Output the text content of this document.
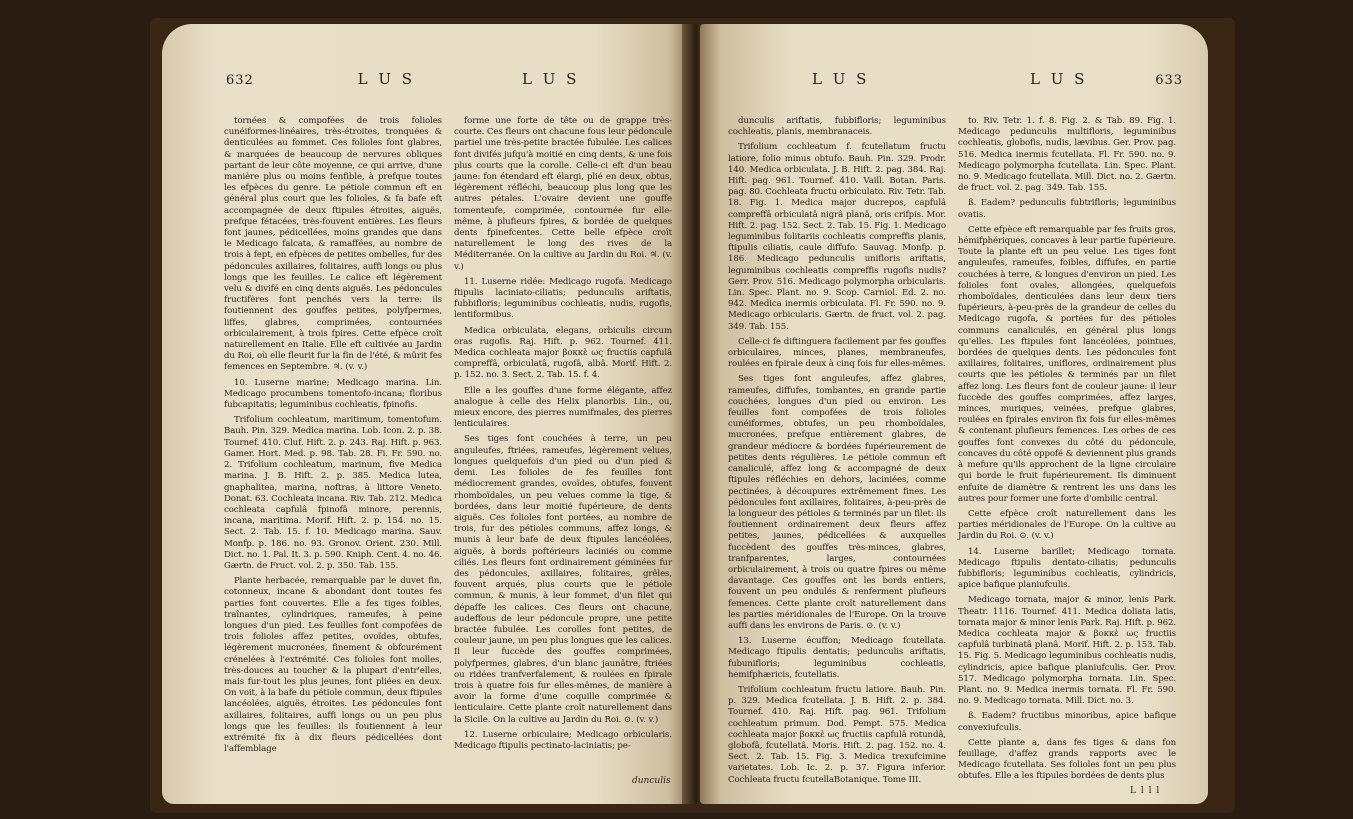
632	L U S	L U S

tornées & compofées de trois folioles cunéiformes-linéaires, très-étroites, tronquées & denticulées au fommet. Ces folioles font glabres, & marquées de beaucoup de nervures obliques partant de leur côte moyenne, ce qui arrive, d'une manière plus ou moins fenfible, à prefque toutes les efpèces du genre. Le pétiole commun eft en général plus court que les folioles, & fa bafe eft accompagnée de deux ftipules étroites, aiguës, prefque fétacées, très-fouvent entières. Les fleurs font jaunes, pédicellées, moins grandes que dans le Medicago falcata, & ramaffées, au nombre de trois à fept, en efpèces de petites ombelles, fur des pédoncules axillaires, folitaires, auffi longs ou plus longs que les feuilles. Le calice eft légèrement velu & divifé en cinq dents aiguës. Les pédoncules fructifères font penchés vers la terre: ils foutiennent des gouffes petites, polyfpermes, liffes, glabres, comprimées, contournées orbiculairement, à trois fpires. Cette efpèce croît naturellement en Italie. Elle eft cultivée au Jardin du Roi, où elle fleurit fur la fin de l'été, & mûrit fes femences en Septembre. ♃. (v. v.)

10. Luserne marine; Medicago marina. Lin. Medicago procumbens tomentofo-incana; floribus fubcapitatis; leguminibus cochleatis, fpinofis.

Trifolium cochleatum, maritimum, tomentofum. Bauh. Pin. 329. Medica marina. Lob. Icon. 2. p. 38. Tournef. 410. Cluf. Hift. 2. p. 243. Raj. Hift. p. 963. Gamer. Hort. Med. p. 98. Tab. 28. Fi. Fr. 590. no. 2. Trifolium cochleatum, marinum, five Medica marina. J. B. Hift. 2. p. 385. Medica lutea, gnaphalitea, marina, noftras, à littore Veneto. Donat. 63. Cochleata incana. Riv. Tab. 212. Medica cochleata capfulâ fpinofâ minore, perennis, incana, maritima. Morif. Hift. 2. p. 154. no. 15. Sect. 2. Tab. 15. f. 10. Medicago marina. Sauv. Monfp. p. 186. no. 93. Gronov. Orient. 230. Mill. Dict. no. 1. Pal. It. 3. p. 590. Kniph. Cent. 4. no. 46. Gærtn. de Fruct. vol. 2. p. 350. Tab. 155.

Plante herbacée, remarquable par le duvet fin, cotonneux, incane & abondant dont toutes fes parties font couvertes. Elle a fes tiges foibles, traînantes, cylindriques, rameufes, à peine longues d'un pied. Les feuilles font compofées de trois folioles affez petites, ovoïdes, obtufes, légèrement mucronées, finement & obfcurément crénelées à l'extrémité. Ces folioles font molles, très-douces au toucher & la plupart d'entr'elles, mais fur-tout les plus jeunes, font pliées en deux. On voit, à la bafe du pétiole commun, deux ftipules lancéolées, aiguës, étroites. Les pédoncules font axillaires, folitaires, auffi longs ou un peu plus longs que les feuilles: ils foutiennent à leur extrémité fix à dix fleurs pédicellées dont l'affemblage

forme une forte de tête ou de grappe très-courte. Ces fleurs ont chacune fous leur pédoncule partiel une très-petite bractée fubulée. Les calices font divifés jufqu'à moitié en cinq dents, & une fois plus courts que la corolle. Celle-ci eft d'un beau jaune: fon étendard eft élargi, plié en deux, obtus, légèrement réfléchi, beaucoup plus long que les autres pétales. L'ovaire devient une gouffe tomenteufe, comprimée, contournée fur elle-même, à plufieurs fpires, & bordée de quelques dents fpinefcentes. Cette belle efpèce croît naturellement le long des rives de la Méditerranée. On la cultive au Jardin du Roi. ♃. (v. v.)

11. Luserne ridée: Medicago rugofa. Medicago ftipulis laciniato-ciliatis; pedunculis ariftatis, fubbifloris; leguminibus cochleatis, nudis, rugofis, lentiformibus.

Medica orbiculata, elegans, orbiculis circum oras rugofis. Raj. Hift. p. 962. Tournef. 411. Medica cochleata major βοκκὲ ως fructiis capfulâ compreffâ, orbiculatâ, rugofâ, albâ. Morif. Hift. 2. p. 152. no. 3. Sect. 2. Tab. 15. f. 4.

Elle a les gouffes d'une forme élégante, affez analogue à celle des Helix planorbis. Lin., ou, mieux encore, des pierres numifmales, des pierres lenticulaires.

Ses tiges font couchées à terre, un peu anguleufes, ftriées, rameufes, légèrement velues, longues quelquefois d'un pied ou d'un pied & demi. Les folioles de fes feuilles font médiocrement grandes, ovoïdes, obtufes, fouvent rhomboïdales, un peu velues comme la tige, & bordées, dans leur moitié fupérieure, de dents aiguës. Ces folioles font portées, au nombre de trois, fur des pétioles communs, affez longs, & munis à leur bafe de deux ftipules lancéolées, aiguës, à bords poftérieurs laciniés ou comme ciliés. Les fleurs font ordinairement géminées fur des pédoncules, axillaires, folitaires, grêles, fouvent arqués, plus courts que le pétiole commun, & munis, à leur fommet, d'un filet qui dépaffe les calices. Ces fleurs ont chacune, audeffous de leur pédoncule propre, une petite bractée fubulée. Les corolles font petites, de couleur jaune, un peu plus longues que les calices. Il leur fuccède des gouffes comprimées, polyfpermes, glabres, d'un blanc jaunâtre, ftriées ou ridées tranfverfalement, & roulées en fpirale trois à quatre fois fur elles-mêmes, de manière à avoir la forme d'une coquille comprimée & lenticulaire. Cette plante croît naturellement dans la Sicile. On la cultive au Jardin du Roi. ⊙. (v. v.)

12. Luserne orbiculaire; Medicago orbicularis. Medicago ftipulis pectinato-laciniatis; pe-

dunculis
L U S	L U S	633

dunculis ariftatis, fubbifloris; leguminibus cochleatis, planis, membranaceis.

Trifolium cochleatum f. fcutellatum fructu latiore, folio minus obtufo. Bauh. Pin. 329. Prodr. 140. Medica orbiculata. J. B. Hift. 2. pag. 384. Raj. Hift. pag. 961. Tournef. 410. Vaill. Botan. Paris. pag. 80. Cochleata fructu orbiculato. Riv. Tetr. Tab. 18. Fig. 1. Medica major ducrepos, capfulâ compreffâ orbiculatâ nigrâ planâ, oris crifpis. Mor. Hift. 2. pag. 152. Sect. 2. Tab. 15. Fig. 1. Medicago leguminibus folitariis cochleatis compreffis planis, ftipulis ciliatis, caule diffufo. Sauvag. Monfp. p. 186. Medicago pedunculis unifloris ariftatis, leguminibus cochleatis compreffis rugofis nudis? Gerr. Prov. 516. Medicago polymorpha orbicularis. Lin. Spec. Plant. no. 9. Scop. Carniol. Ed. 2. no. 942. Medica inermis orbiculata. Fl. Fr. 590. no. 9. Medicago orbicularis. Gærtn. de fruct. vol. 2. pag. 349. Tab. 155.

Celle-ci fe diftinguera facilement par fes gouffes orbiculaires, minces, planes, membraneufes, roulées en fpirale deux à cinq fois fur elles-mêmes.

Ses tiges font anguleufes, affez glabres, rameufes, diffufes, tombantes, en grande partie couchées, longues d'un pied ou environ. Les feuilles font compofées de trois folioles cunéiformes, obtufes, un peu rhomboïdales, mucronées, prefque entièrement glabres, de grandeur médiocre & bordées fupérieurement de petites dents régulières. Le pétiole commun eft canaliculé, affez long & accompagné de deux ftipules réfléchies en dehors, laciniées, comme pectinées, à découpures extrêmement fines. Les pédoncules font axillaires, folitaires, à-peu-près de la longueur des pétioles & terminés par un filet: ils foutiennent ordinairement deux fleurs affez petites, jaunes, pédicellées & auxquelles fuccèdent des gouffes très-minces, glabres, tranfparentes, larges, contournées orbiculairement, à trois ou quatre fpires ou même davantage. Ces gouffes ont les bords entiers, fouvent un peu ondulés & renferment plufieurs femences. Cette plante croît naturellement dans les parties méridionales de l'Europe. On la trouve auffi dans les environs de Paris. ⊙. (v. v.)

13. Luserne écuffon; Medicago fcutellata. Medicago ftipulis dentatis; pedunculis ariftatis, fubunifloris; leguminibus cochleatis, hemifphæricis, fcutellatis.

Trifolium cochleatum fructu latiore. Bauh. Pin. p. 329. Medica fcutellata. J. B. Hift. 2. p. 384. Tournef. 410. Raj. Hift. pag. 961. Trifolium cochleatum primum. Dod. Pempt. 575. Medica cochleata major βοκκὲ ως fructiis capfulâ rotundâ, globofâ, fcutellatâ. Moris. Hift. 2. pag. 152. no. 4. Sect. 2. Tab. 15. Fig. 3. Medica trexufcimine varietates. Lob. Ic. 2. p. 37. Figura inferior. Cochleata fructu fcutellaBotanique. Tome III.

to. Riv. Tetr. 1. f. 8. Fig. 2. & Tab. 89. Fig. 1. Medicago pedunculis multifloris, leguminibus cochleatis, globofis, nudis, lævibus. Ger. Prov. pag. 516. Medica inermis fcutellata. Fl. Fr. 590. no. 9. Medicago polymorpha fcutellata. Lin. Spec. Plant. no. 9. Medicago fcutellata. Mill. Dict. no. 2. Gærtn. de fruct. vol. 2. pag. 349. Tab. 155.

ß. Eadem? pedunculis fubtrifloris; leguminibus ovatis.

Cette efpèce eft remarquable par fes fruits gros, hémifphériques, concaves à leur partie fupérieure. Toute la plante eft un peu velue. Les tiges font anguleufes, rameufes, foibles, diffufes, en partie couchées à terre, & longues d'environ un pied. Les folioles font ovales, allongées, quelquefois rhomboïdales, denticulées dans leur deux tiers fupérieurs, à-peu-près de la grandeur de celles du Medicago rugofa, & portées fur des pétioles communs canaliculés, en général plus longs qu'elles. Les ftipules font lancéolées, pointues, bordées de quelques dents. Les pédoncules font axillaires, folitaires, uniflores, ordinairement plus courts que les pétioles & terminés par un filet affez long. Les fleurs font de couleur jaune: il leur fuccède des gouffes comprimées, affez larges, minces, muriques, veinées, prefque glabres, roulées en fpirales environ fix fois fur elles-mêmes & contenant plufieurs femences. Les orbes de ces gouffes font convexes du côté du pédoncule, concaves du côté oppofé & deviennent plus grands à mefure qu'ils approchent de la ligne circulaire qui borde le fruit fupérieurement. Ils diminuent enfuite de diamètre & rentrent les uns dans les autres pour former une forte d'ombilic central.

Cette efpèce croît naturellement dans les parties méridionales de l'Europe. On la cultive au Jardin du Roi. ⊙. (v. v.)

14. Luserne barillet; Medicago tornata. Medicago ftipulis dentato-ciliatis; pedunculis fubbifloris; leguminibus cochleatis, cylindricis, apice bafique planiufculis.

Medicago tornata, major & minor, lenis Park. Theatr. 1116. Tournef. 411. Medica doliata latis, tornata major & minor lenis Park. Raj. Hift. p. 962. Medica cochleata major & βοκκὲ ως fructiis capfulâ turbinatâ planâ. Morif. Hift. 2. p. 153. Tab. 15. Fig. 5. Medicago leguminibus cochleatis nudis, cylindricis, apice bafique planiufculis. Ger. Prov. 517. Medicago polymorpha tornata. Lin. Spec. Plant. no. 9. Medica inermis tornata. Fl. Fr. 590. no. 9. Medicago tornata. Mill. Dict. no. 3.

ß. Eadem? fructibus minoribus, apice bafique convexiufculis.

Cette plante a, dans fes tiges & dans fon feuillage, d'affez grands rapports avec le Medicago fcutellata. Ses folioles font un peu plus obtufes. Elle a les ftipules bordées de dents plus

L l l l
